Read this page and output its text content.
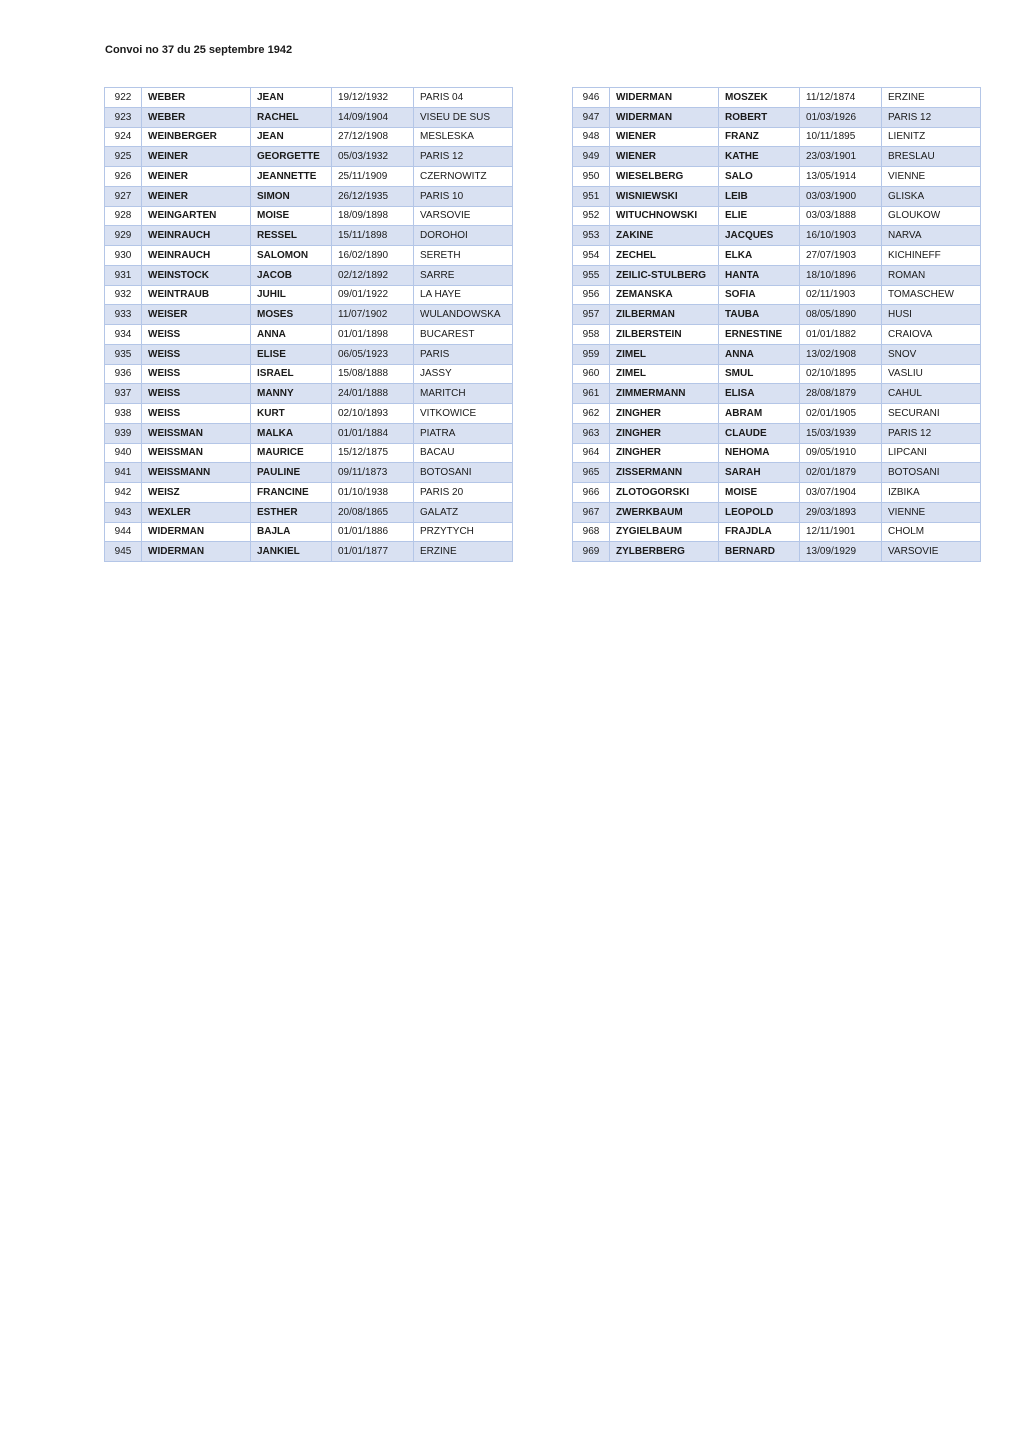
Convoi no 37 du 25 septembre 1942
922	WEBER	JEAN	19/12/1932	PARIS 04
923	WEBER	RACHEL	14/09/1904	VISEU DE SUS
924	WEINBERGER	JEAN	27/12/1908	MESLESKA
925	WEINER	GEORGETTE	05/03/1932	PARIS 12
926	WEINER	JEANNETTE	25/11/1909	CZERNOWITZ
927	WEINER	SIMON	26/12/1935	PARIS 10
928	WEINGARTEN	MOISE	18/09/1898	VARSOVIE
929	WEINRAUCH	RESSEL	15/11/1898	DOROHOI
930	WEINRAUCH	SALOMON	16/02/1890	SERETH
931	WEINSTOCK	JACOB	02/12/1892	SARRE
932	WEINTRAUB	JUHIL	09/01/1922	LA HAYE
933	WEISER	MOSES	11/07/1902	WULANDOWSKA
934	WEISS	ANNA	01/01/1898	BUCAREST
935	WEISS	ELISE	06/05/1923	PARIS
936	WEISS	ISRAEL	15/08/1888	JASSY
937	WEISS	MANNY	24/01/1888	MARITCH
938	WEISS	KURT	02/10/1893	VITKOWICE
939	WEISSMAN	MALKA	01/01/1884	PIATRA
940	WEISSMAN	MAURICE	15/12/1875	BACAU
941	WEISSMANN	PAULINE	09/11/1873	BOTOSANI
942	WEISZ	FRANCINE	01/10/1938	PARIS 20
943	WEXLER	ESTHER	20/08/1865	GALATZ
944	WIDERMAN	BAJLA	01/01/1886	PRZYTYCH
945	WIDERMAN	JANKIEL	01/01/1877	ERZINE
946	WIDERMAN	MOSZEK	11/12/1874	ERZINE
947	WIDERMAN	ROBERT	01/03/1926	PARIS 12
948	WIENER	FRANZ	10/11/1895	LIENITZ
949	WIENER	KATHE	23/03/1901	BRESLAU
950	WIESELBERG	SALO	13/05/1914	VIENNE
951	WISNIEWSKI	LEIB	03/03/1900	GLISKA
952	WITUCHNOWSKI	ELIE	03/03/1888	GLOUKOW
953	ZAKINE	JACQUES	16/10/1903	NARVA
954	ZECHEL	ELKA	27/07/1903	KICHINEFF
955	ZEILIC-STULBERG	HANTA	18/10/1896	ROMAN
956	ZEMANSKA	SOFIA	02/11/1903	TOMASCHEW
957	ZILBERMAN	TAUBA	08/05/1890	HUSI
958	ZILBERSTEIN	ERNESTINE	01/01/1882	CRAIOVA
959	ZIMEL	ANNA	13/02/1908	SNOV
960	ZIMEL	SMUL	02/10/1895	VASLIU
961	ZIMMERMANN	ELISA	28/08/1879	CAHUL
962	ZINGHER	ABRAM	02/01/1905	SECURANI
963	ZINGHER	CLAUDE	15/03/1939	PARIS 12
964	ZINGHER	NEHOMA	09/05/1910	LIPCANI
965	ZISSERMANN	SARAH	02/01/1879	BOTOSANI
966	ZLOTOGORSKI	MOISE	03/07/1904	IZBIKA
967	ZWERKBAUM	LEOPOLD	29/03/1893	VIENNE
968	ZYGIELBAUM	FRAJDLA	12/11/1901	CHOLM
969	ZYLBERBERG	BERNARD	13/09/1929	VARSOVIE
